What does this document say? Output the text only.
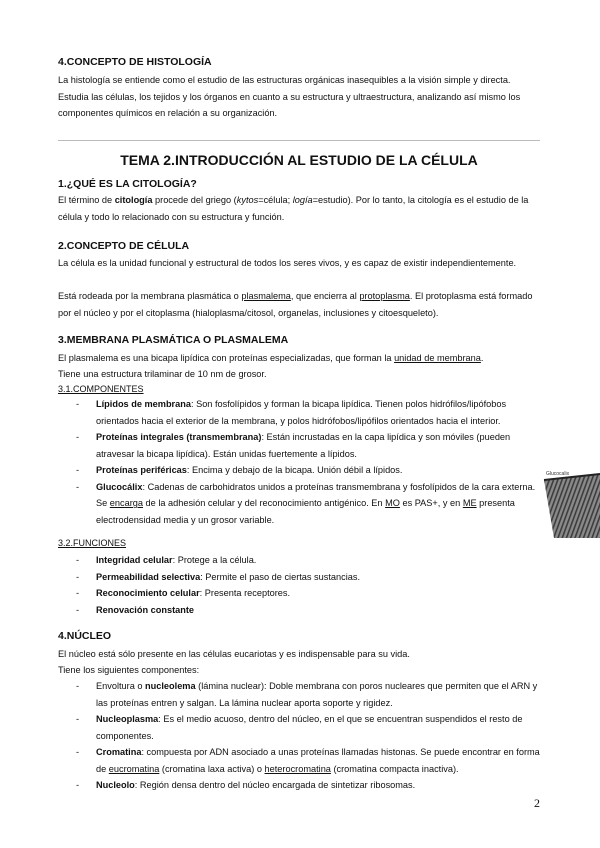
4.CONCEPTO DE HISTOLOGÍA

La histología se entiende como el estudio de las estructuras orgánicas inasequibles a la visión simple y directa. Estudia las células, los tejidos y los órganos en cuanto a su estructura y ultraestructura, analizando así mismo los componentes químicos en relación a su organización.

TEMA 2.INTRODUCCIÓN AL ESTUDIO DE LA CÉLULA
1.¿QUÉ ES LA CITOLOGÍA?

El término de citología procede del griego (kytos=célula; logía=estudio). Por lo tanto, la citología es el estudio de la célula y todo lo relacionado con su estructura y función.

2.CONCEPTO DE CÉLULA

La célula es la unidad funcional y estructural de todos los seres vivos, y es capaz de existir independientemente.

Está rodeada por la membrana plasmática o plasmalema, que encierra al protoplasma. El protoplasma está formado por el núcleo y por el citoplasma (hialoplasma/citosol, organelas, inclusiones y citoesqueleto).

3.MEMBRANA PLASMÁTICA O PLASMALEMA

El plasmalema es una bicapa lipídica con proteínas especializadas, que forman la unidad de membrana.

Tiene una estructura trilaminar de 10 nm de grosor.

3.1.COMPONENTES

- Lípidos de membrana: Son fosfolípidos y forman la bicapa lipídica. Tienen polos hidrófilos/lipófobos orientados hacia el exterior de la membrana, y polos hidrófobos/lipófilos orientados hacia el interior.
- Proteínas integrales (transmembrana): Están incrustadas en la capa lipídica y son móviles (pueden atravesar la bicapa lipídica). Están unidas fuertemente a lípidos.
- Proteínas periféricas: Encima y debajo de la bicapa. Unión débil a lípidos.
- Glucocálix: Cadenas de carbohidratos unidos a proteínas transmembrana y fosfolípidos de la cara externa. Se encarga de la adhesión celular y del reconocimiento antigénico. En MO es PAS+, y en ME presenta electrodensidad media y un grosor variable.
Glucocalix

3.2.FUNCIONES

- Integridad celular: Protege a la célula.
- Permeabilidad selectiva: Permite el paso de ciertas sustancias.
- Reconocimiento celular: Presenta receptores.
- Renovación constante
4.NÚCLEO

El núcleo está sólo presente en las células eucariotas y es indispensable para su vida.

Tiene los siguientes componentes:

- Envoltura o nucleolema (lámina nuclear): Doble membrana con poros nucleares que permiten que el ARN y las proteínas entren y salgan. La lámina nuclear aporta soporte y rigidez.
- Nucleoplasma: Es el medio acuoso, dentro del núcleo, en el que se encuentran suspendidos el resto de componentes.
- Cromatina: compuesta por ADN asociado a unas proteínas llamadas histonas. Se puede encontrar en forma de eucromatina (cromatina laxa activa) o heterocromatina (cromatina compacta inactiva).
- Nucleolo: Región densa dentro del núcleo encargada de sintetizar ribosomas.
2
